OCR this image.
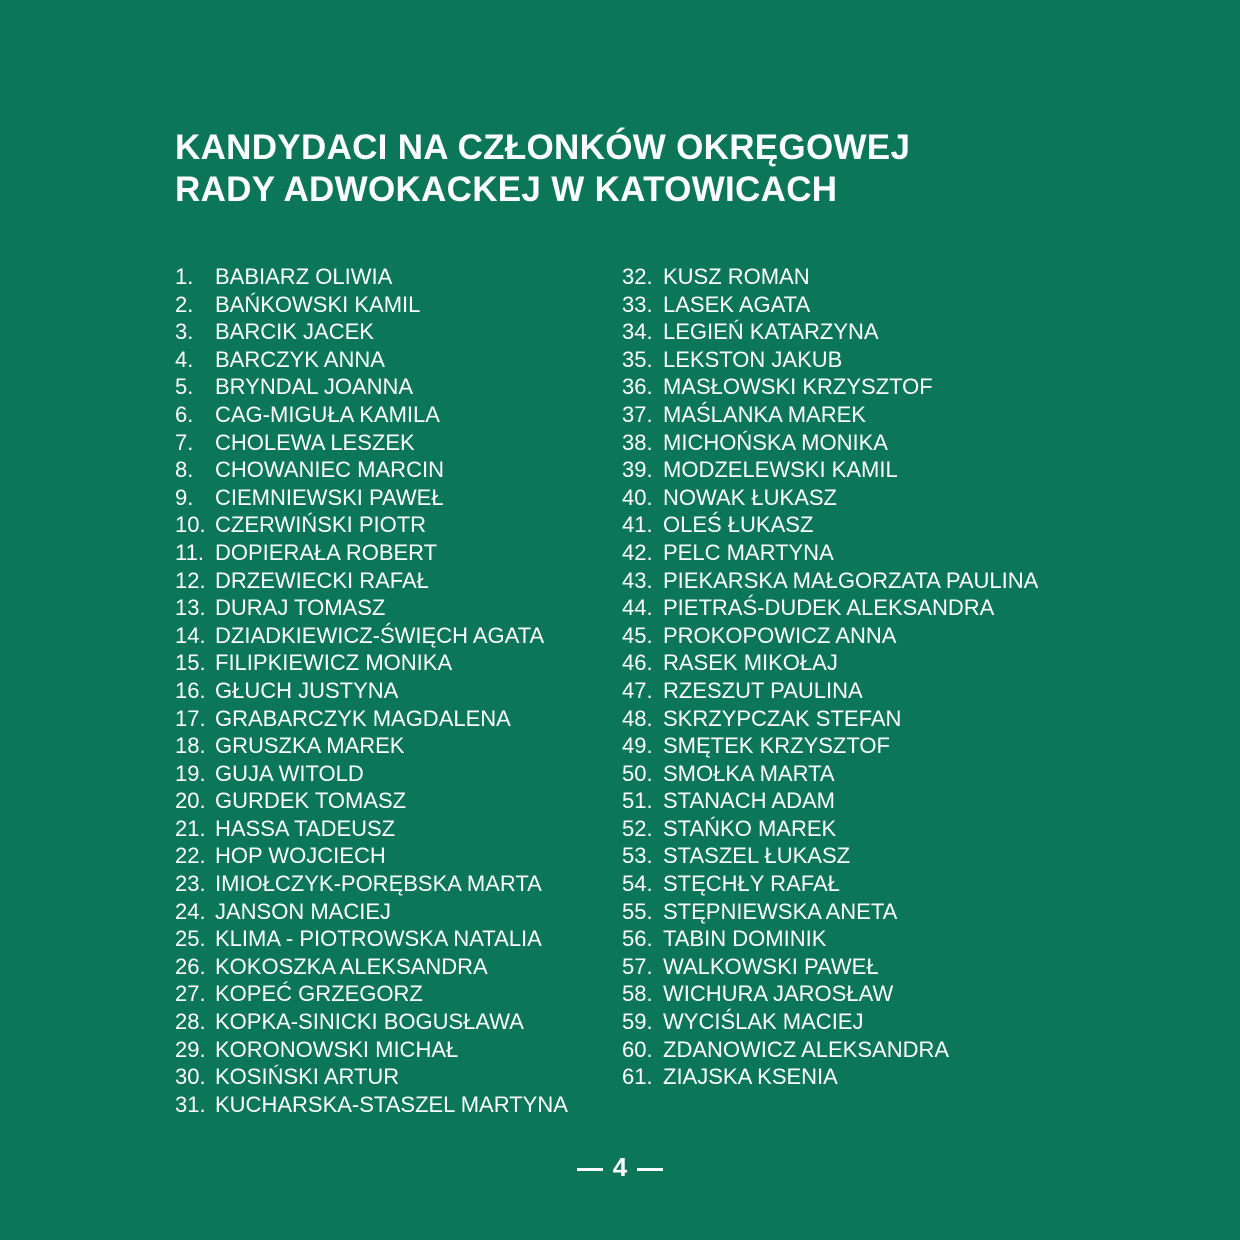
KANDYDACI NA CZŁONKÓW OKRĘGOWEJ
RADY ADWOKACKEJ W KATOWICACH
1. BABIARZ OLIWIA
2. BAŃKOWSKI KAMIL
3. BARCIK JACEK
4. BARCZYK ANNA
5. BRYNDAL JOANNA
6. CAG-MIGUŁA KAMILA
7. CHOLEWA LESZEK
8. CHOWANIEC MARCIN
9. CIEMNIEWSKI PAWEŁ
10. CZERWIŃSKI PIOTR
11. DOPIERAŁA ROBERT
12. DRZEWIECKI RAFAŁ
13. DURAJ TOMASZ
14. DZIADKIEWICZ-ŚWIĘCH AGATA
15. FILIPKIEWICZ MONIKA
16. GŁUCH JUSTYNA
17. GRABARCZYK MAGDALENA
18. GRUSZKA MAREK
19. GUJA WITOLD
20. GURDEK TOMASZ
21. HASSA TADEUSZ
22. HOP WOJCIECH
23. IMIOŁCZYK-PORĘBSKA MARTA
24. JANSON MACIEJ
25. KLIMA - PIOTROWSKA NATALIA
26. KOKOSZKA ALEKSANDRA
27. KOPEĆ GRZEGORZ
28. KOPKA-SINICKI BOGUSŁAWA
29. KORONOWSKI MICHAŁ
30. KOSIŃSKI ARTUR
31. KUCHARSKA-STASZEL MARTYNA
32. KUSZ ROMAN
33. LASEK AGATA
34. LEGIEŃ KATARZYNA
35. LEKSTON JAKUB
36. MASŁOWSKI KRZYSZTOF
37. MAŚLANKA MAREK
38. MICHOŃSKA MONIKA
39. MODZELEWSKI KAMIL
40. NOWAK ŁUKASZ
41. OLEŚ ŁUKASZ
42. PELC MARTYNA
43. PIEKARSKA MAŁGORZATA PAULINA
44. PIETRAŚ-DUDEK ALEKSANDRA
45. PROKOPOWICZ ANNA
46. RASEK MIKOŁAJ
47. RZESZUT PAULINA
48. SKRZYPCZAK STEFAN
49. SMĘTEK KRZYSZTOF
50. SMOŁKA MARTA
51. STANACH ADAM
52. STAŃKO MAREK
53. STASZEL ŁUKASZ
54. STĘCHŁY RAFAŁ
55. STĘPNIEWSKA ANETA
56. TABIN DOMINIK
57. WALKOWSKI PAWEŁ
58. WICHURA JAROSŁAW
59. WYCIŚLAK MACIEJ
60. ZDANOWICZ ALEKSANDRA
61. ZIAJSKA KSENIA
4
